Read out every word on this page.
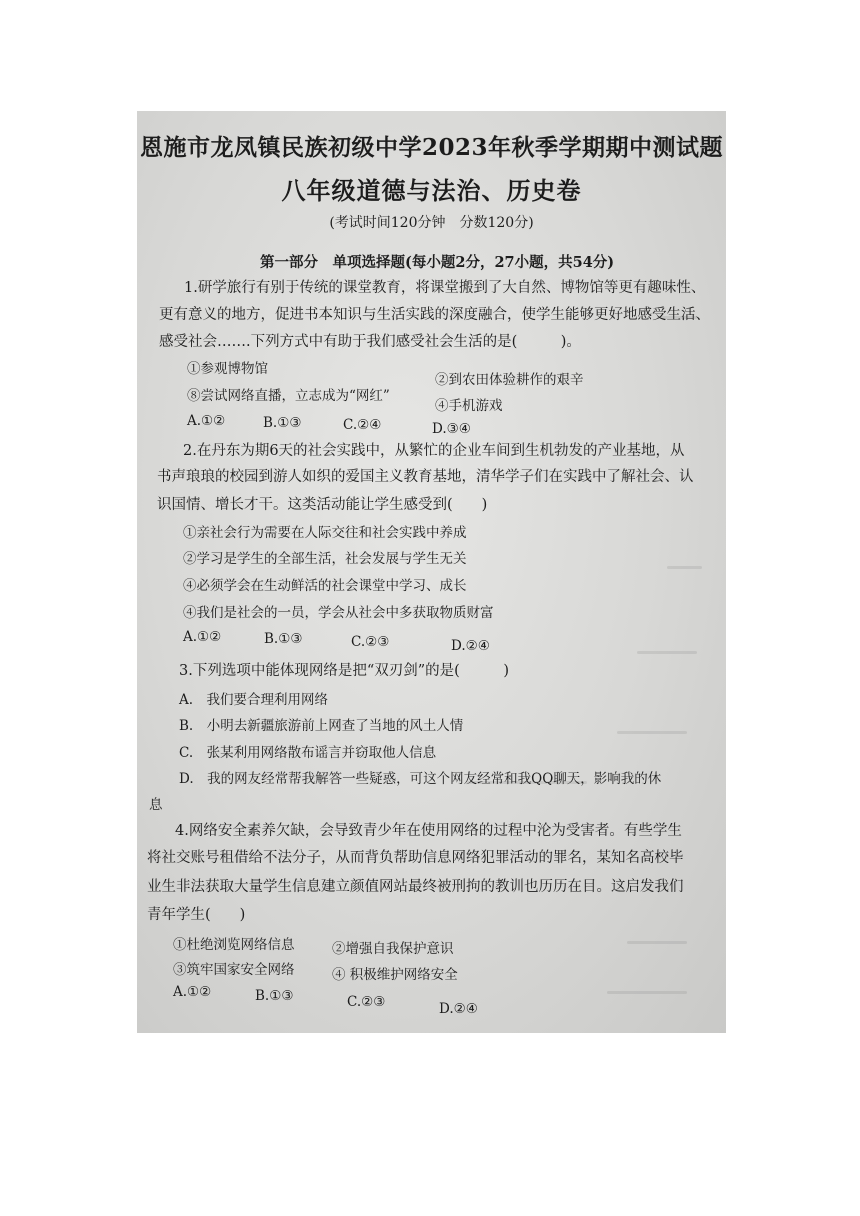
恩施市龙凤镇民族初级中学2023年秋季学期期中测试题
八年级道德与法治、历史卷
(考试时间120分钟　分数120分)
第一部分　单项选择题(每小题2分，27小题，共54分)
1.研学旅行有别于传统的课堂教育，将课堂搬到了大自然、博物馆等更有趣味性、
更有意义的地方，促进书本知识与生活实践的深度融合，使学生能够更好地感受生活、
感受社会…….下列方式中有助于我们感受社会生活的是(　　　)。
①参观博物馆
②到农田体验耕作的艰辛
⑧尝试网络直播，立志成为“网红”
④手机游戏
A.①②	B.①③	C.②④	D.③④
2.在丹东为期6天的社会实践中，从繁忙的企业车间到生机勃发的产业基地，从
书声琅琅的校园到游人如织的爱国主义教育基地，清华学子们在实践中了解社会、认
识国情、增长才干。这类活动能让学生感受到(　　)
①亲社会行为需要在人际交往和社会实践中养成
②学习是学生的全部生活，社会发展与学生无关
④必须学会在生动鲜活的社会课堂中学习、成长
④我们是社会的一员，学会从社会中多获取物质财富
A.①②	B.①③	C.②③	D.②④
3.下列选项中能体现网络是把“双刃剑”的是(　　　)
A.　我们要合理利用网络
B.　小明去新疆旅游前上网查了当地的风土人情
C.　张某利用网络散布谣言并窃取他人信息
D.　我的网友经常帮我解答一些疑惑，可这个网友经常和我QQ聊天，影响我的休
息
4.网络安全素养欠缺，会导致青少年在使用网络的过程中沦为受害者。有些学生
将社交账号租借给不法分子，从而背负帮助信息网络犯罪活动的罪名，某知名高校毕
业生非法获取大量学生信息建立颜值网站最终被刑拘的教训也历历在目。这启发我们
青年学生(　　)
①杜绝浏览网络信息	②增强自我保护意识
③筑牢国家安全网络	④ 积极维护网络安全
A.①②	B.①③	C.②③	D.②④
